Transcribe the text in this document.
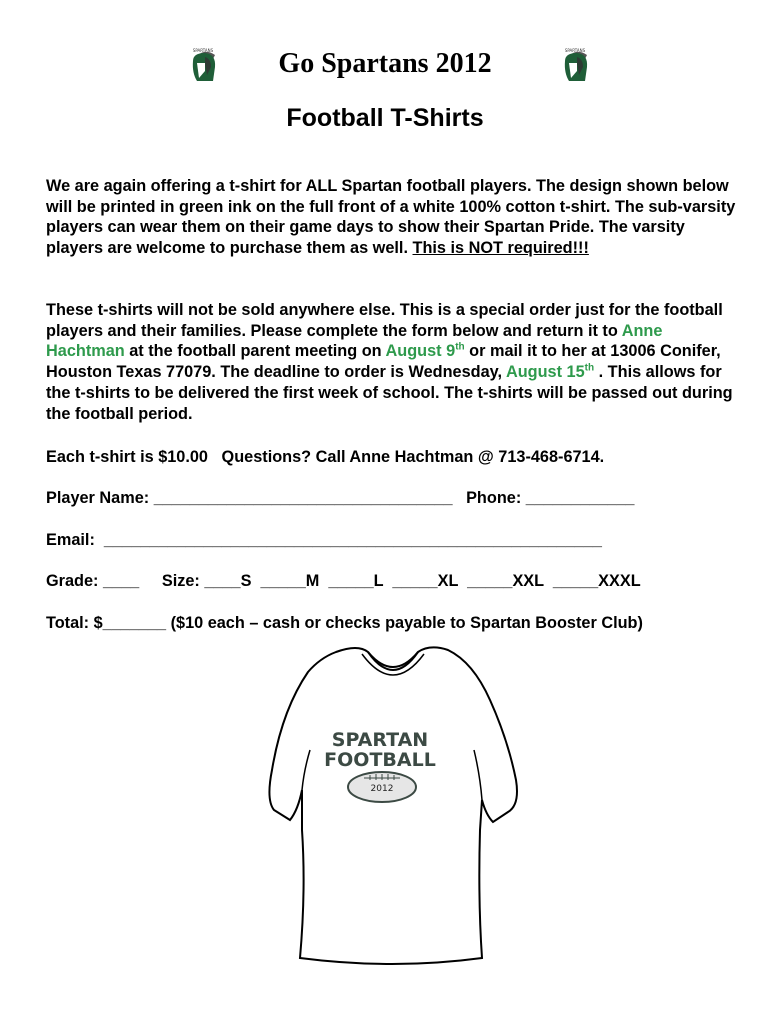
SPARTANS	SPARTANS
Go Spartans 2012
Football T-Shirts
We are again offering a t-shirt for ALL Spartan football players. The design shown below will be printed in green ink on the full front of a white 100% cotton t-shirt. The sub-varsity players can wear them on their game days to show their Spartan Pride. The varsity players are welcome to purchase them as well. This is NOT required!!!
These t-shirts will not be sold anywhere else. This is a special order just for the football players and their families. Please complete the form below and return it to Anne Hachtman at the football parent meeting on August 9th or mail it to her at 13006 Conifer, Houston Texas 77079. The deadline to order is Wednesday, August 15th . This allows for the t-shirts to be delivered the first week of school. The t-shirts will be passed out during the football period.
Each t-shirt is $10.00   Questions? Call Anne Hachtman @ 713-468-6714.
Player Name: _________________________________   Phone: ____________
Email:  _______________________________________________________
Grade: ____     Size: ____S  _____M  _____L  _____XL  _____XXL  _____XXXL
Total: $_______ ($10 each – cash or checks payable to Spartan Booster Club)
SPARTAN
FOOTBALL
2012
